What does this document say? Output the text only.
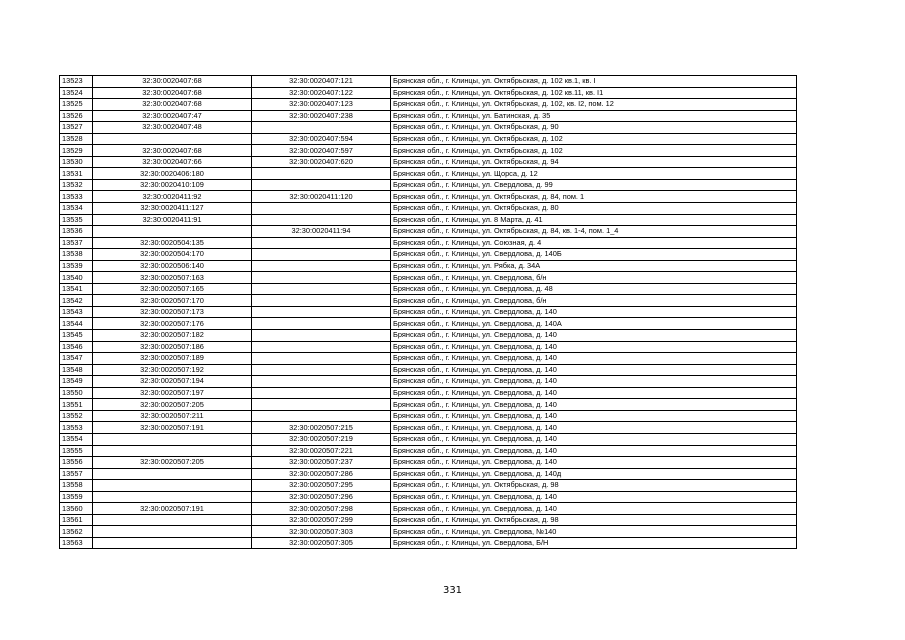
13523	32:30:0020407:68	32:30:0020407:121	Брянская обл., г. Клинцы, ул. Октябрьская, д. 102 кв.1, кв. I
13524	32:30:0020407:68	32:30:0020407:122	Брянская обл., г. Клинцы, ул. Октябрьская, д. 102 кв.11, кв. I1
13525	32:30:0020407:68	32:30:0020407:123	Брянская обл., г. Клинцы, ул. Октябрьская, д. 102, кв. I2, пом. 12
13526	32:30:0020407:47	32:30:0020407:238	Брянская обл., г. Клинцы, ул. Батинская, д. 35
13527	32:30:0020407:48		Брянская обл., г. Клинцы, ул. Октябрьская, д. 90
13528		32:30:0020407:594	Брянская обл., г. Клинцы, ул. Октябрьская, д. 102
13529	32:30:0020407:68	32:30:0020407:597	Брянская обл., г. Клинцы, ул. Октябрьская, д. 102
13530	32:30:0020407:66	32:30:0020407:620	Брянская обл., г. Клинцы, ул. Октябрьская, д. 94
13531	32:30:0020406:180		Брянская обл., г. Клинцы, ул. Щорса, д. 12
13532	32:30:0020410:109		Брянская обл., г. Клинцы, ул. Свердлова, д. 99
13533	32:30:0020411:92	32:30:0020411:120	Брянская обл., г. Клинцы, ул. Октябрьская, д. 84, пом. 1
13534	32:30:0020411:127		Брянская обл., г. Клинцы, ул. Октябрьская, д. 80
13535	32:30:0020411:91		Брянская обл., г. Клинцы, ул. 8 Марта, д. 41
13536		32:30:0020411:94	Брянская обл., г. Клинцы, ул. Октябрьская, д. 84, кв. 1-4, пом. 1_4
13537	32:30:0020504:135		Брянская обл., г. Клинцы, ул. Союзная, д. 4
13538	32:30:0020504:170		Брянская обл., г. Клинцы, ул. Свердлова, д. 140Б
13539	32:30:0020506:140		Брянская обл., г. Клинцы, ул. Рябка, д. 34А
13540	32:30:0020507:163		Брянская обл., г. Клинцы, ул. Свердлова, б/н
13541	32:30:0020507:165		Брянская обл., г. Клинцы, ул. Свердлова, д. 48
13542	32:30:0020507:170		Брянская обл., г. Клинцы, ул. Свердлова, б/н
13543	32:30:0020507:173		Брянская обл., г. Клинцы, ул. Свердлова, д. 140
13544	32:30:0020507:176		Брянская обл., г. Клинцы, ул. Свердлова, д. 140А
13545	32:30:0020507:182		Брянская обл., г. Клинцы, ул. Свердлова, д. 140
13546	32:30:0020507:186		Брянская обл., г. Клинцы, ул. Свердлова, д. 140
13547	32:30:0020507:189		Брянская обл., г. Клинцы, ул. Свердлова, д. 140
13548	32:30:0020507:192		Брянская обл., г. Клинцы, ул. Свердлова, д. 140
13549	32:30:0020507:194		Брянская обл., г. Клинцы, ул. Свердлова, д. 140
13550	32:30:0020507:197		Брянская обл., г. Клинцы, ул. Свердлова, д. 140
13551	32:30:0020507:205		Брянская обл., г. Клинцы, ул. Свердлова, д. 140
13552	32:30:0020507:211		Брянская обл., г. Клинцы, ул. Свердлова, д. 140
13553	32:30:0020507:191	32:30:0020507:215	Брянская обл., г. Клинцы, ул. Свердлова, д. 140
13554		32:30:0020507:219	Брянская обл., г. Клинцы, ул. Свердлова, д. 140
13555		32:30:0020507:221	Брянская обл., г. Клинцы, ул. Свердлова, д. 140
13556	32:30:0020507:205	32:30:0020507:237	Брянская обл., г. Клинцы, ул. Свердлова, д. 140
13557		32:30:0020507:286	Брянская обл., г. Клинцы, ул. Свердлова, д. 140д
13558		32:30:0020507:295	Брянская обл., г. Клинцы, ул. Октябрьская, д. 98
13559		32:30:0020507:296	Брянская обл., г. Клинцы, ул. Свердлова, д. 140
13560	32:30:0020507:191	32:30:0020507:298	Брянская обл., г. Клинцы, ул. Свердлова, д. 140
13561		32:30:0020507:299	Брянская обл., г. Клинцы, ул. Октябрьская, д. 98
13562		32:30:0020507:303	Брянская обл., г. Клинцы, ул. Свердлова, №140
13563		32:30:0020507:305	Брянская обл., г. Клинцы, ул. Свердлова, Б/Н
331
